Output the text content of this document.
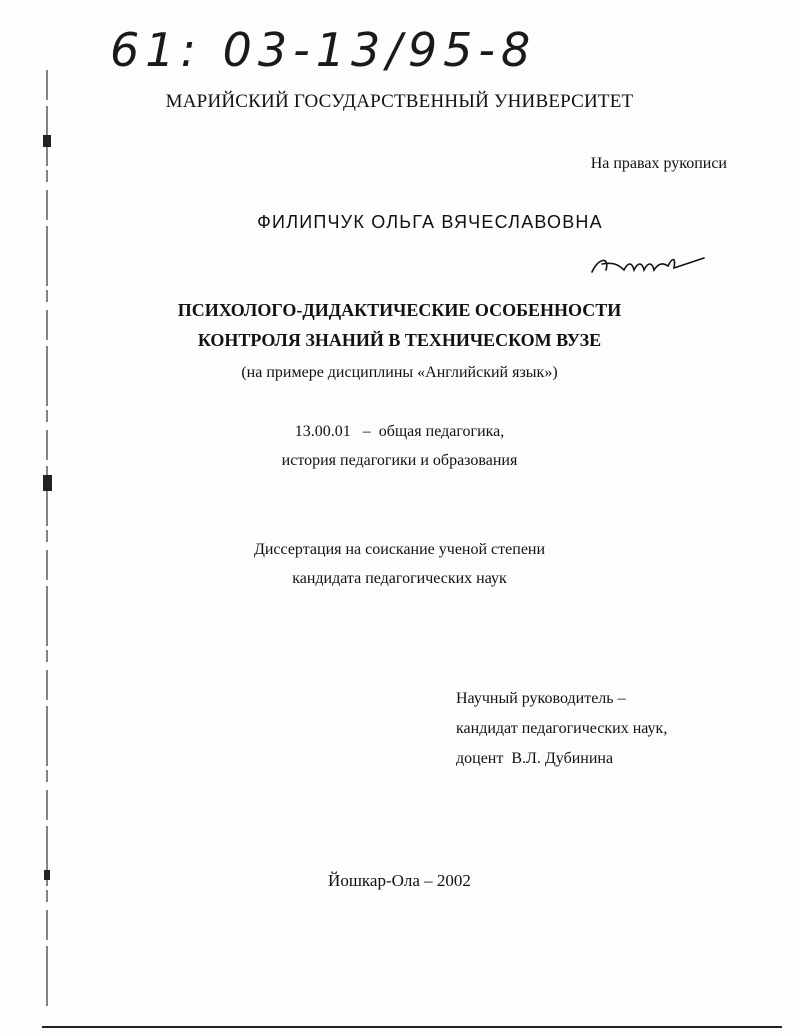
61: 03-13/95-8
МАРИЙСКИЙ ГОСУДАРСТВЕННЫЙ УНИВЕРСИТЕТ
На правах рукописи
ФИЛИПЧУК ОЛЬГА ВЯЧЕСЛАВОВНА
ПСИХОЛОГО-ДИДАКТИЧЕСКИЕ ОСОБЕННОСТИ
КОНТРОЛЯ ЗНАНИЙ В ТЕХНИЧЕСКОМ ВУЗЕ
(на примере дисциплины «Английский язык»)
13.00.01   –  общая педагогика,
история педагогики и образования
Диссертация на соискание ученой степени
кандидата педагогических наук
Научный руководитель –
кандидат педагогических наук,
доцент  В.Л. Дубинина
Йошкар-Ола – 2002
